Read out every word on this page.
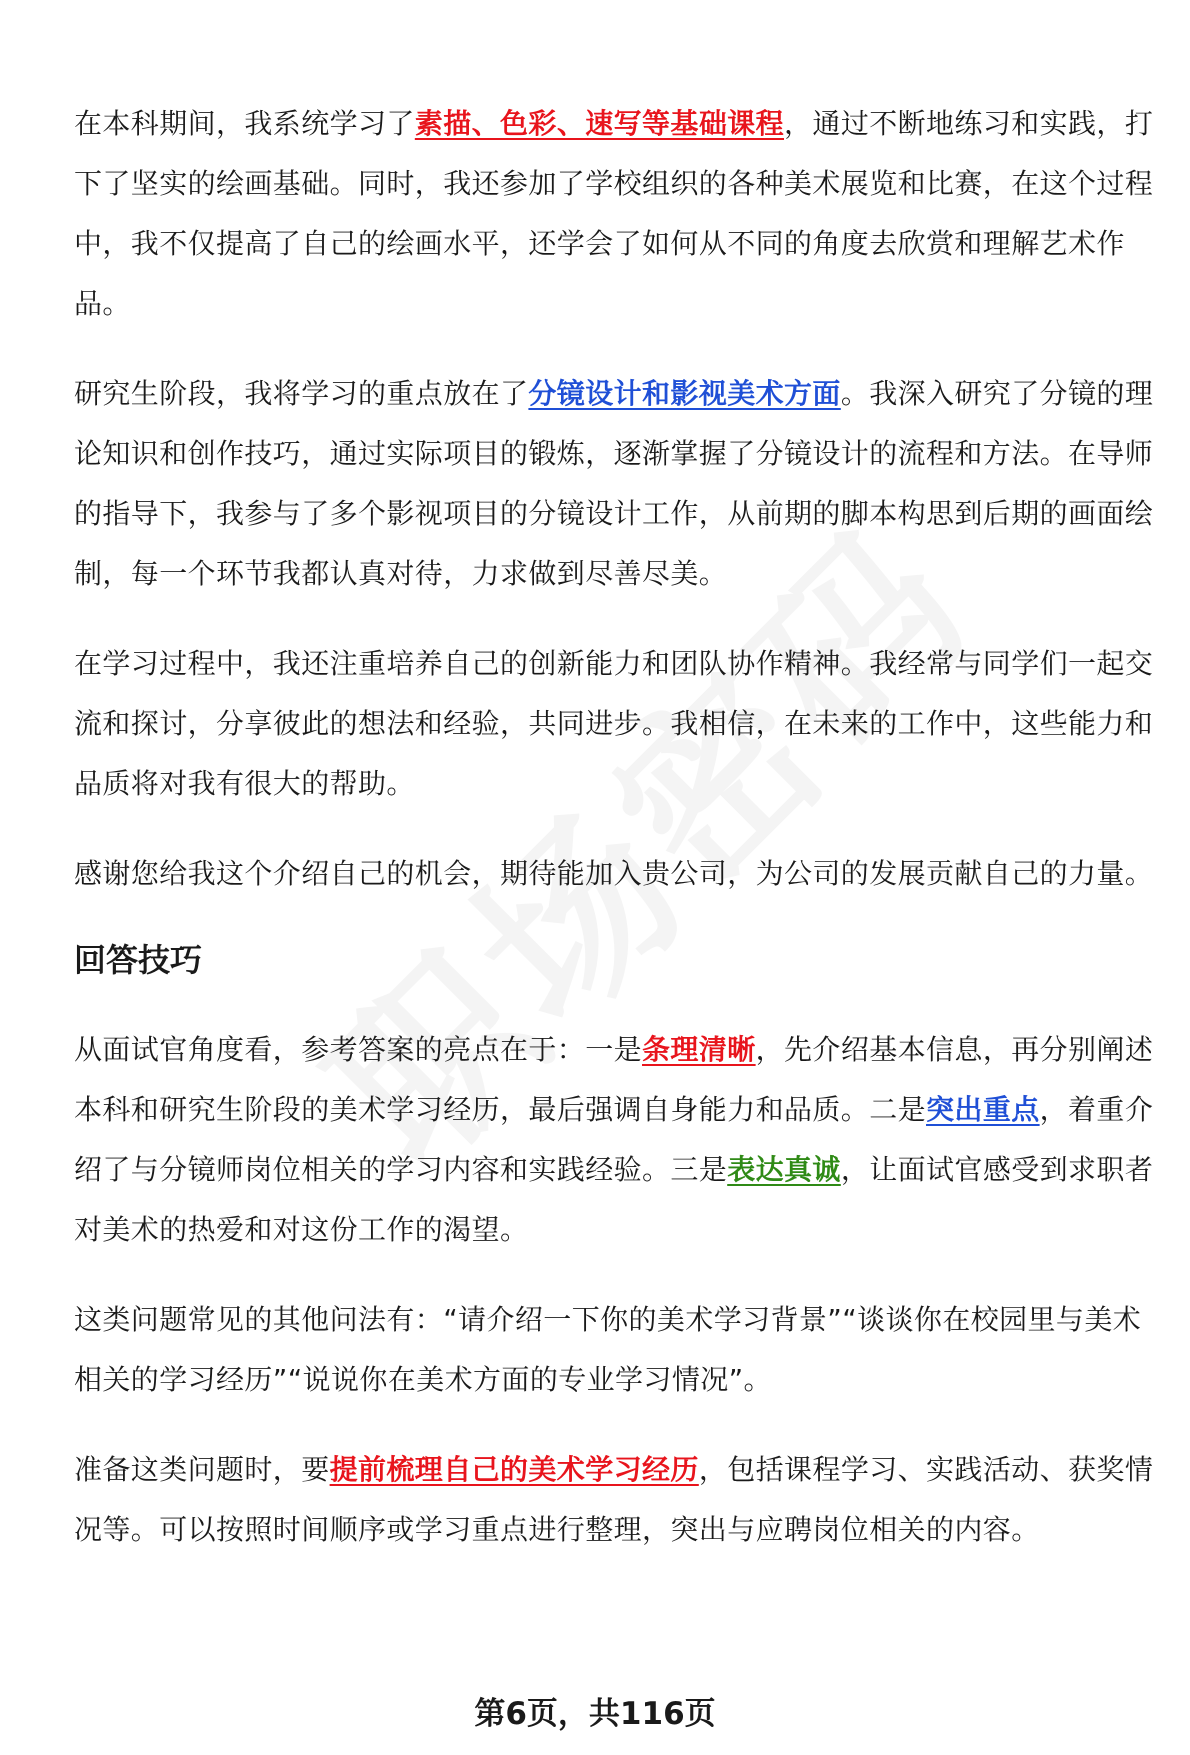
在本科期间，我系统学习了素描、色彩、速写等基础课程，通过不断地练习和实践，打下了坚实的绘画基础。同时，我还参加了学校组织的各种美术展览和比赛，在这个过程中，我不仅提高了自己的绘画水平，还学会了如何从不同的角度去欣赏和理解艺术作品。

研究生阶段，我将学习的重点放在了分镜设计和影视美术方面。我深入研究了分镜的理论知识和创作技巧，通过实际项目的锻炼，逐渐掌握了分镜设计的流程和方法。在导师的指导下，我参与了多个影视项目的分镜设计工作，从前期的脚本构思到后期的画面绘制，每一个环节我都认真对待，力求做到尽善尽美。

在学习过程中，我还注重培养自己的创新能力和团队协作精神。我经常与同学们一起交流和探讨，分享彼此的想法和经验，共同进步。我相信，在未来的工作中，这些能力和品质将对我有很大的帮助。

感谢您给我这个介绍自己的机会，期待能加入贵公司，为公司的发展贡献自己的力量。

回答技巧

从面试官角度看，参考答案的亮点在于：一是条理清晰，先介绍基本信息，再分别阐述本科和研究生阶段的美术学习经历，最后强调自身能力和品质。二是突出重点，着重介绍了与分镜师岗位相关的学习内容和实践经验。三是表达真诚，让面试官感受到求职者对美术的热爱和对这份工作的渴望。

这类问题常见的其他问法有：“请介绍一下你的美术学习背景”“谈谈你在校园里与美术相关的学习经历”“说说你在美术方面的专业学习情况”。

准备这类问题时，要提前梳理自己的美术学习经历，包括课程学习、实践活动、获奖情况等。可以按照时间顺序或学习重点进行整理，突出与应聘岗位相关的内容。

第6页，共116页
